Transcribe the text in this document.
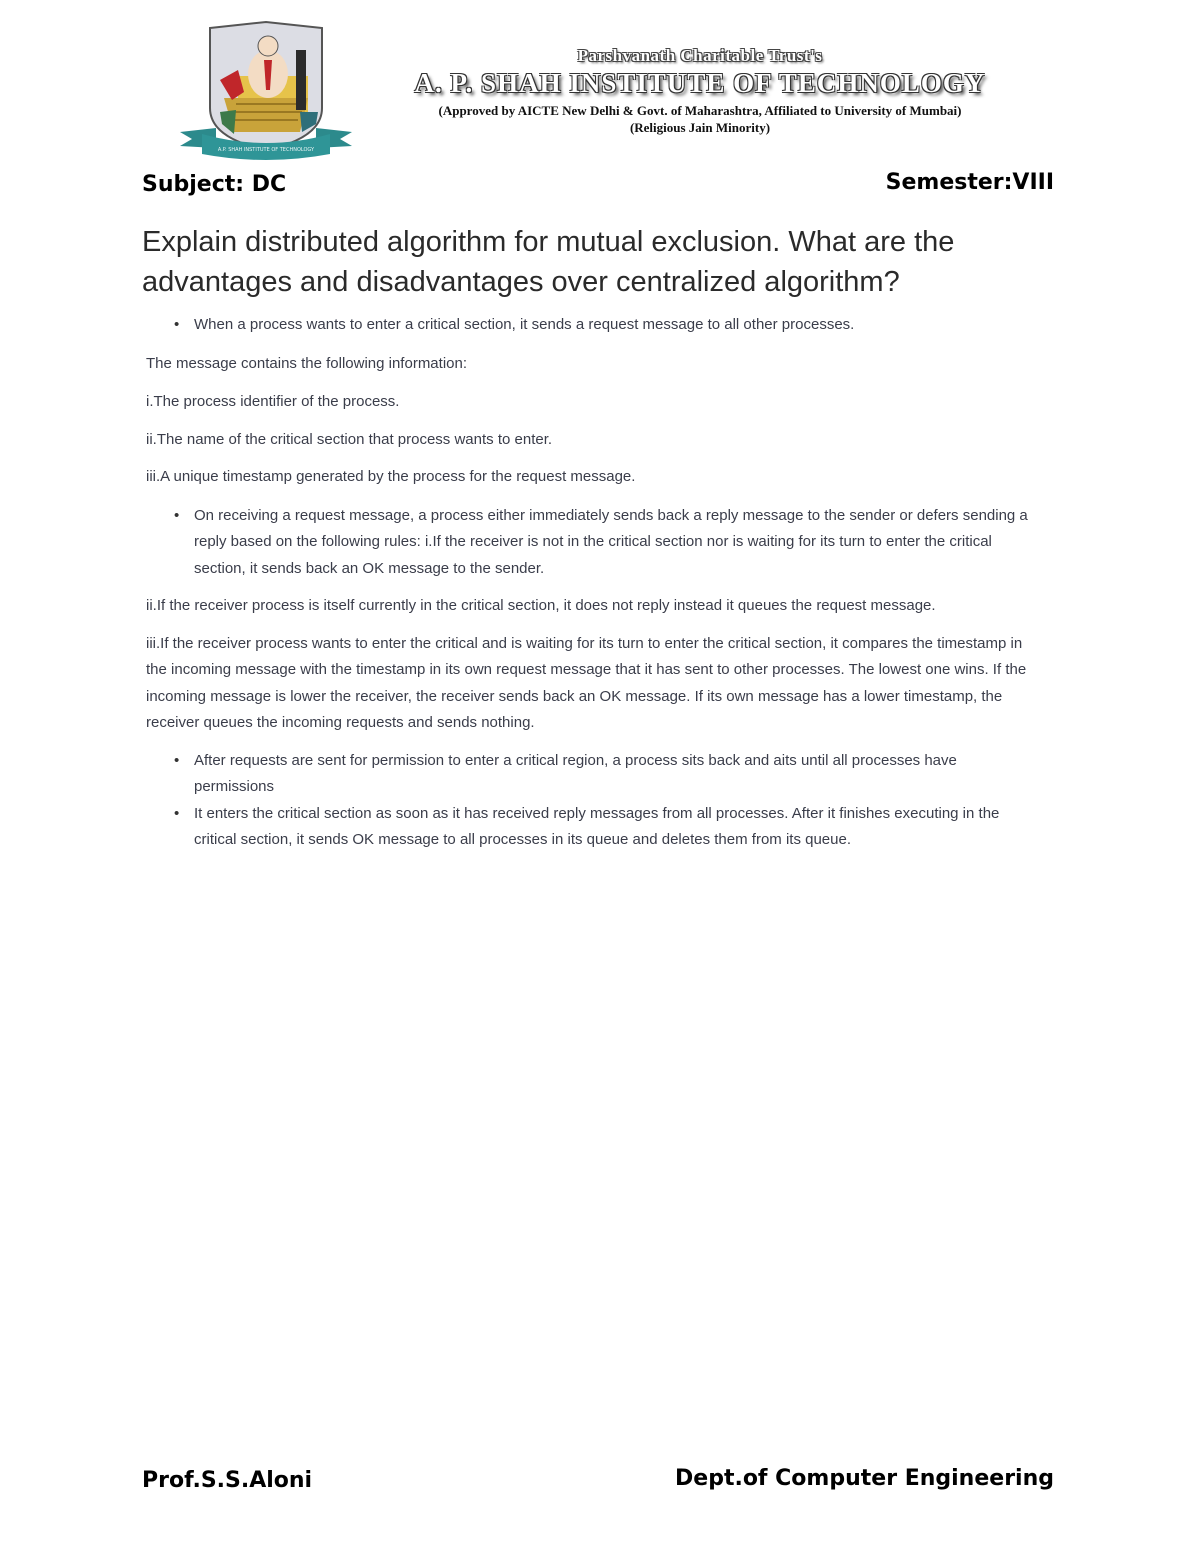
A.P. SHAH INSTITUTE OF TECHNOLOGY
Parshvanath Charitable Trust's
A. P. SHAH INSTITUTE OF TECHNOLOGY
(Approved by AICTE New Delhi & Govt. of Maharashtra, Affiliated to University of Mumbai)
(Religious Jain Minority)
Subject: DC	Semester:VIII
Explain distributed algorithm for mutual exclusion. What are the advantages and disadvantages over centralized algorithm?

• When a process wants to enter a critical section, it sends a request message to all other processes.

The message contains the following information:

i.The process identifier of the process.

ii.The name of the critical section that process wants to enter.

iii.A unique timestamp generated by the process for the request message.

• On receiving a request message, a process either immediately sends back a reply message to the sender or defers sending a reply based on the following rules: i.If the receiver is not in the critical section nor is waiting for its turn to enter the critical section, it sends back an OK message to the sender.

ii.If the receiver process is itself currently in the critical section, it does not reply instead it queues the request message.

iii.If the receiver process wants to enter the critical and is waiting for its turn to enter the critical section, it compares the timestamp in the incoming message with the timestamp in its own request message that it has sent to other processes. The lowest one wins. If the incoming message is lower the receiver, the receiver sends back an OK message. If its own message has a lower timestamp, the receiver queues the incoming requests and sends nothing.

• After requests are sent for permission to enter a critical region, a process sits back and aits until all processes have permissions

• It enters the critical section as soon as it has received reply messages from all processes. After it finishes executing in the critical section, it sends OK message to all processes in its queue and deletes them from its queue.

Prof.S.S.Aloni	Dept.of Computer Engineering
